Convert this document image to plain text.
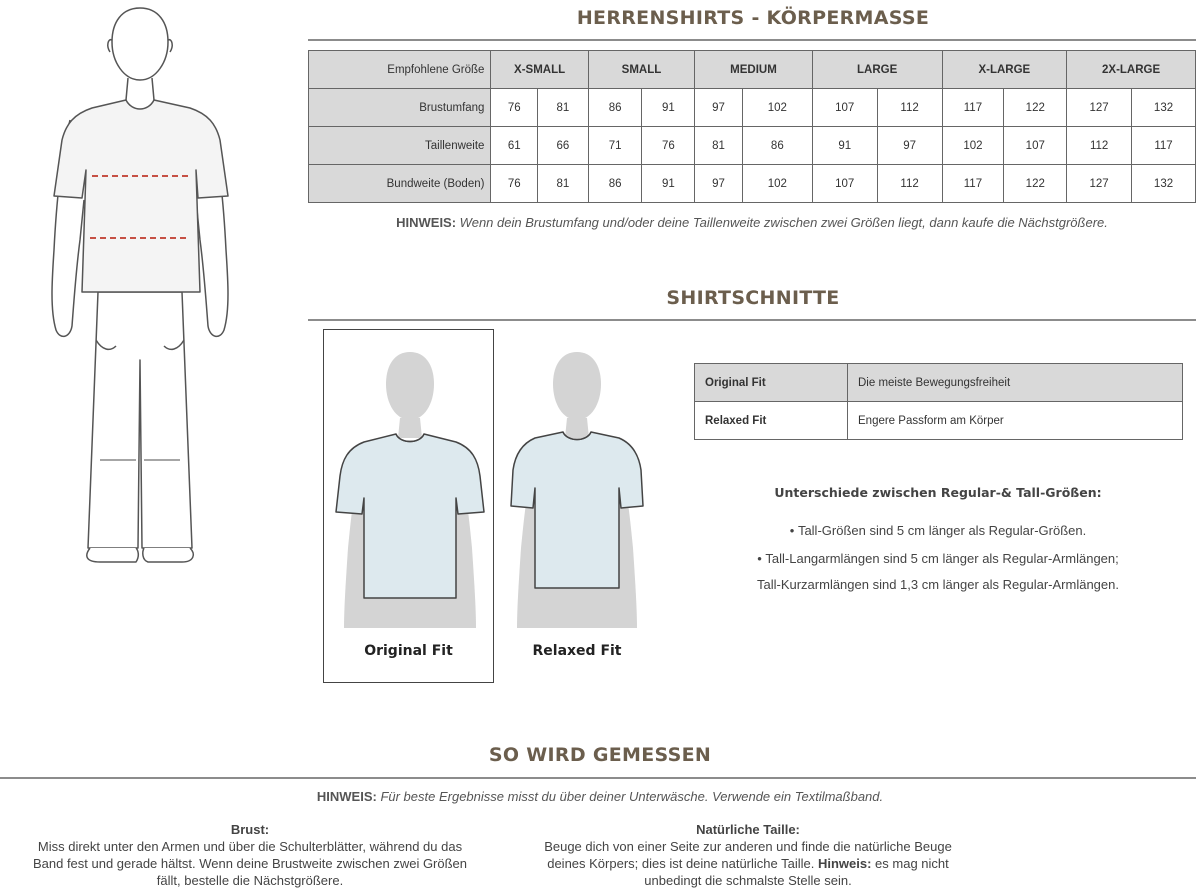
HERRENSHIRTS - KÖRPERMASSE
Empfohlene Größe	X-SMALL		SMALL		MEDIUM		LARGE		X-LARGE		2X-LARGE	
Brustumfang	76	81	86	91	97	102	107	112	117	122	127	132
Taillenweite	61	66	71	76	81	86	91	97	102	107	112	117
Bundweite (Boden)	76	81	86	91	97	102	107	112	117	122	127	132
HINWEIS: Wenn dein Brustumfang und/oder deine Taillenweite zwischen zwei Größen liegt, dann kaufe die Nächstgrößere.
SHIRTSCHNITTE
Original Fit	Relaxed Fit
Original Fit	Die meiste Bewegungsfreiheit
Relaxed Fit	Engere Passform am Körper
Unterschiede zwischen Regular-& Tall-Größen:
• Tall-Größen sind 5 cm länger als Regular-Größen.
• Tall-Langarmlängen sind 5 cm länger als Regular-Armlängen;
Tall-Kurzarmlängen sind 1,3 cm länger als Regular-Armlängen.
SO WIRD GEMESSEN
HINWEIS: Für beste Ergebnisse misst du über deiner Unterwäsche. Verwende ein Textilmaßband.
Brust:
Miss direkt unter den Armen und über die Schulterblätter, während du das
Band fest und gerade hältst. Wenn deine Brustweite zwischen zwei Größen
fällt, bestelle die Nächstgrößere.
Natürliche Taille:
Beuge dich von einer Seite zur anderen und finde die natürliche Beuge
deines Körpers; dies ist deine natürliche Taille. Hinweis: es mag nicht
unbedingt die schmalste Stelle sein.
